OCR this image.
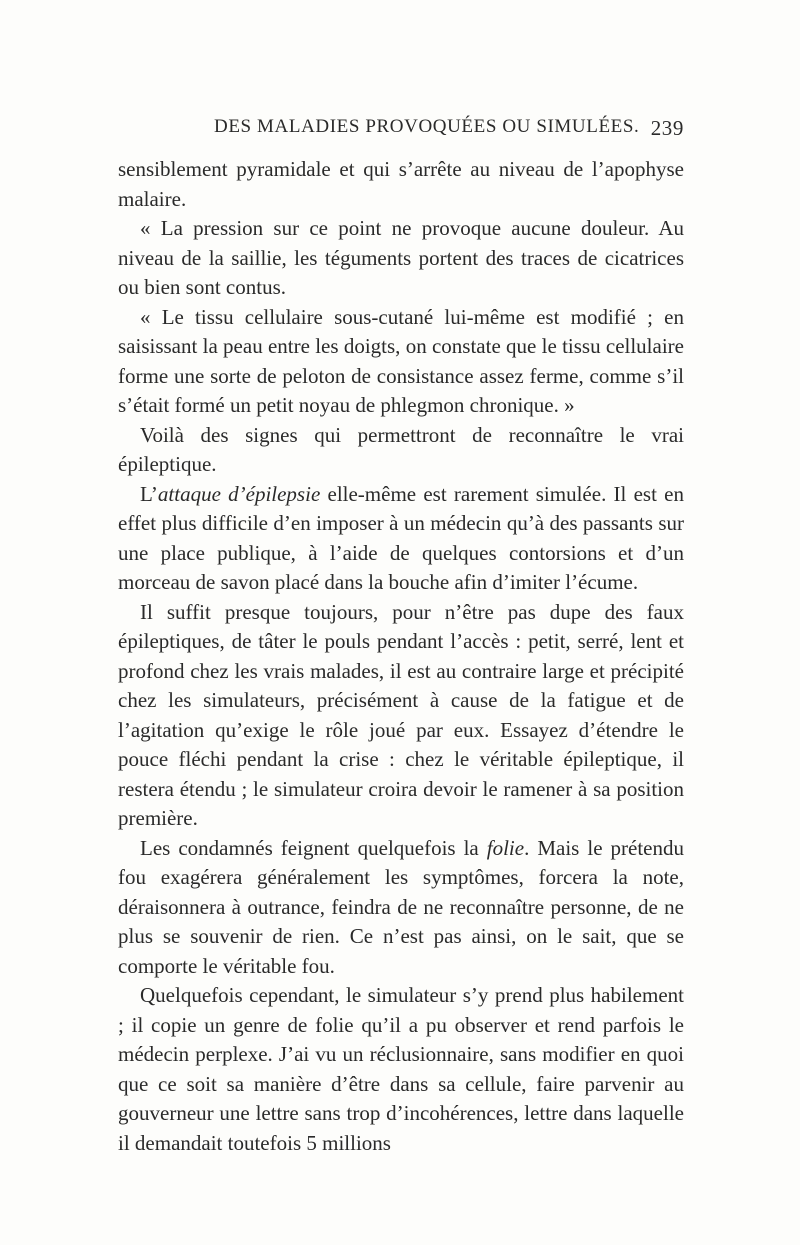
DES MALADIES PROVOQUÉES OU SIMULÉES. 239

sensiblement pyramidale et qui s’arrête au niveau de l’apophyse malaire.

« La pression sur ce point ne provoque aucune douleur. Au niveau de la saillie, les téguments portent des traces de cicatrices ou bien sont contus.

« Le tissu cellulaire sous-cutané lui-même est modifié ; en saisissant la peau entre les doigts, on constate que le tissu cellulaire forme une sorte de peloton de consistance assez ferme, comme s’il s’était formé un petit noyau de phlegmon chronique. »

Voilà des signes qui permettront de reconnaître le vrai épileptique.

L’attaque d’épilepsie elle-même est rarement simulée. Il est en effet plus difficile d’en imposer à un médecin qu’à des passants sur une place publique, à l’aide de quelques contorsions et d’un morceau de savon placé dans la bouche afin d’imiter l’écume.

Il suffit presque toujours, pour n’être pas dupe des faux épileptiques, de tâter le pouls pendant l’accès : petit, serré, lent et profond chez les vrais malades, il est au contraire large et précipité chez les simulateurs, précisément à cause de la fatigue et de l’agitation qu’exige le rôle joué par eux. Essayez d’étendre le pouce fléchi pendant la crise : chez le véritable épileptique, il restera étendu ; le simulateur croira devoir le ramener à sa position première.

Les condamnés feignent quelquefois la folie. Mais le prétendu fou exagérera généralement les symptômes, forcera la note, déraisonnera à outrance, feindra de ne reconnaître personne, de ne plus se souvenir de rien. Ce n’est pas ainsi, on le sait, que se comporte le véritable fou.

Quelquefois cependant, le simulateur s’y prend plus habilement ; il copie un genre de folie qu’il a pu observer et rend parfois le médecin perplexe. J’ai vu un réclusionnaire, sans modifier en quoi que ce soit sa manière d’être dans sa cellule, faire parvenir au gouverneur une lettre sans trop d’incohérences, lettre dans laquelle il demandait toutefois 5 millions
